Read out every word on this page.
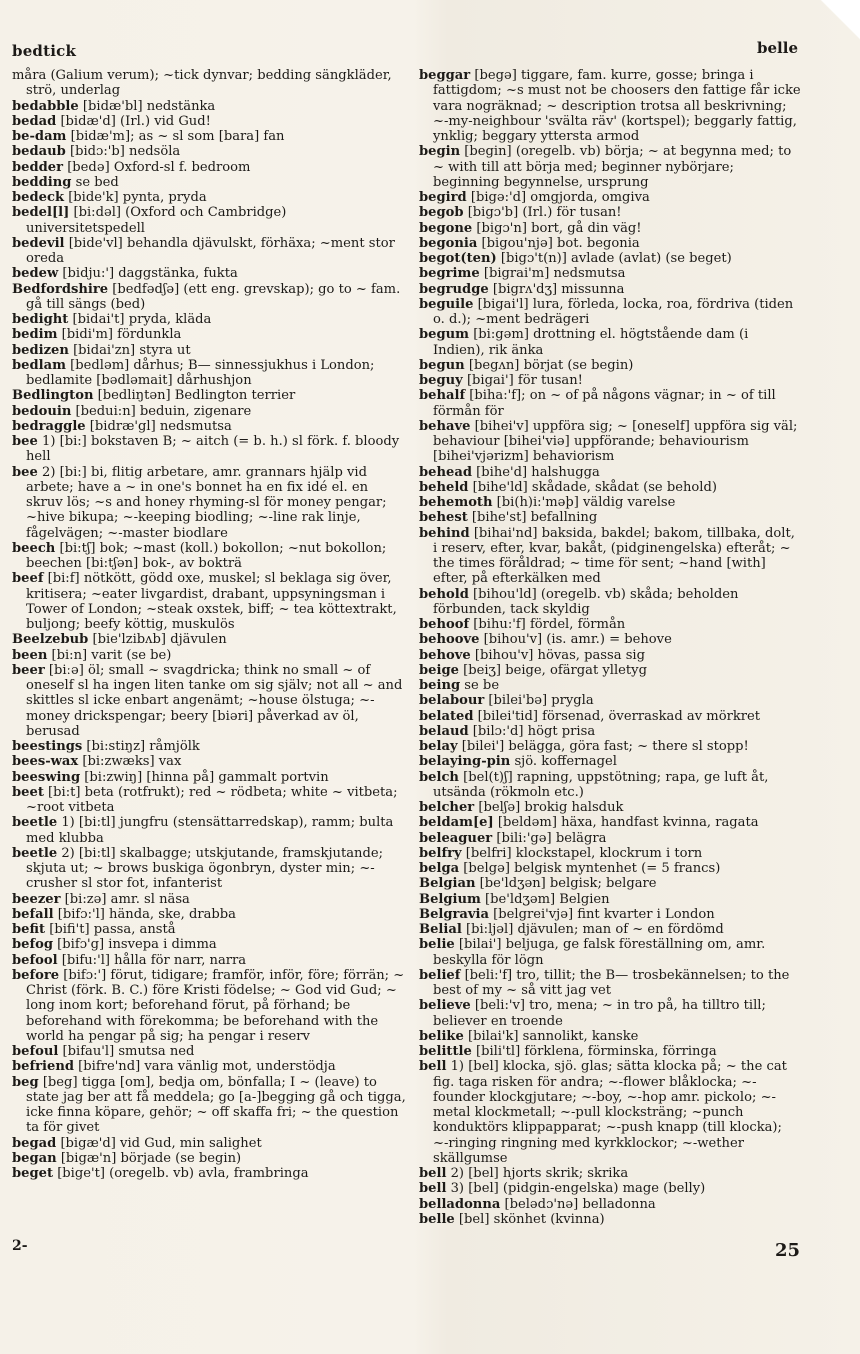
bedtick	belle

måra (Galium verum); ~tick dynvar; bedding sängkläder, strö, underlag

bedabble [bidæ'bl] nedstänka

bedad [bidæ'd] (Irl.) vid Gud!

be-dam [bidæ'm]; as ~ sl som [bara] fan

bedaub [bidɔ:'b] nedsöla

bedder [bedə] Oxford-sl f. bedroom

bedding se bed

bedeck [bide'k] pynta, pryda

bedel[l] [bi:dəl] (Oxford och Cambridge) universitetspedell

bedevil [bide'vl] behandla djävulskt, förhäxa; ~ment stor oreda

bedew [bidju:'] daggstänka, fukta

Bedfordshire [bedfədʃə] (ett eng. grevskap); go to ~ fam. gå till sängs (bed)

bedight [bidai't] pryda, kläda

bedim [bidi'm] fördunkla

bedizen [bidai'zn] styra ut

bedlam [bedləm] dårhus; B— sinnessjukhus i London; bedlamite [bədləmait] dårhushjon

Bedlington [bedliŋtən] Bedlington terrier

bedouin [bedui:n] beduin, zigenare

bedraggle [bidræ'gl] nedsmutsa

bee 1) [bi:] bokstaven B; ~ aitch (= b. h.) sl förk. f. bloody hell

bee 2) [bi:] bi, flitig arbetare, amr. grannars hjälp vid arbete; have a ~ in one's bonnet ha en fix idé el. en skruv lös; ~s and honey rhyming-sl för money pengar; ~hive bikupa; ~-keeping biodling; ~-line rak linje, fågelvägen; ~-master biodlare

beech [bi:tʃ] bok; ~mast (koll.) bokollon; ~nut bokollon; beechen [bi:tʃən] bok-, av bokträ

beef [bi:f] nötkött, gödd oxe, muskel; sl beklaga sig över, kritisera; ~eater livgardist, drabant, uppsyningsman i Tower of London; ~steak oxstek, biff; ~ tea köttextrakt, buljong; beefy köttig, muskulös

Beelzebub [bie'lzibʌb] djävulen

been [bi:n] varit (se be)

beer [biːə] öl; small ~ svagdricka; think no small ~ of oneself sl ha ingen liten tanke om sig själv; not all ~ and skittles sl icke enbart angenämt; ~house ölstuga; ~-money drickspengar; beery [biəri] påverkad av öl, berusad

beestings [bi:stiŋz] råmjölk

bees-wax [bi:zwæks] vax

beeswing [bi:zwiŋ] [hinna på] gammalt portvin

beet [bi:t] beta (rotfrukt); red ~ rödbeta; white ~ vitbeta; ~root vitbeta

beetle 1) [bi:tl] jungfru (stensättarredskap), ramm; bulta med klubba

beetle 2) [bi:tl] skalbagge; utskjutande, framskjutande; skjuta ut; ~ brows buskiga ögonbryn, dyster min; ~-crusher sl stor fot, infanterist

beezer [bi:zə] amr. sl näsa

befall [bifɔ:'l] hända, ske, drabba

befit [bifi't] passa, anstå

befog [bifɔ'g] insvepa i dimma

befool [bifu:'l] hålla för narr, narra

before [bifɔ:'] förut, tidigare; framför, inför, före; förrän; ~ Christ (förk. B. C.) före Kristi födelse; ~ God vid Gud; ~ long inom kort; beforehand förut, på förhand; be beforehand with förekomma; be beforehand with the world ha pengar på sig; ha pengar i reserv

befoul [bifau'l] smutsa ned

befriend [bifre'nd] vara vänlig mot, understödja

beg [beg] tigga [om], bedja om, bönfalla; I ~ (leave) to state jag ber att få meddela; go [a-]begging gå och tigga, icke finna köpare, gehör; ~ off skaffa fri; ~ the question ta för givet

begad [bigæ'd] vid Gud, min salighet

began [bigæ'n] började (se begin)

beget [bige't] (oregelb. vb) avla, frambringa

beggar [begə] tiggare, fam. kurre, gosse; bringa i fattigdom; ~s must not be choosers den fattige får icke vara nogräknad; ~ description trotsa all beskrivning; ~-my-neighbour 'svälta räv' (kortspel); beggarly fattig, ynklig; beggary yttersta armod

begin [begin] (oregelb. vb) börja; ~ at begynna med; to ~ with till att börja med; beginner nybörjare; beginning begynnelse, ursprung

begird [bigə:'d] omgjorda, omgiva

begob [bigɔ'b] (Irl.) för tusan!

begone [bigɔ'n] bort, gå din väg!

begonia [bigou'njə] bot. begonia

begot(ten) [bigɔ't(n)] avlade (avlat) (se beget)

begrime [bigrai'm] nedsmutsa

begrudge [bigrʌ'dʒ] missunna

beguile [bigai'l] lura, förleda, locka, roa, fördriva (tiden o. d.); ~ment bedrägeri

begum [bi:gəm] drottning el. högtstående dam (i Indien), rik änka

begun [begʌn] börjat (se begin)

beguy [bigai'] för tusan!

behalf [biha:'f]; on ~ of på någons vägnar; in ~ of till förmån för

behave [bihei'v] uppföra sig; ~ [oneself] uppföra sig väl; behaviour [bihei'viə] uppförande; behaviourism [bihei'vjərizm] behaviorism

behead [bihe'd] halshugga

beheld [bihe'ld] skådade, skådat (se behold)

behemoth [bi(h)i:'məþ] väldig varelse

behest [bihe'st] befallning

behind [bihai'nd] baksida, bakdel; bakom, tillbaka, dolt, i reserv, efter, kvar, bakåt, (pidginengelska) efteråt; ~ the times föråldrad; ~ time för sent; ~hand [with] efter, på efterkälken med

behold [bihou'ld] (oregelb. vb) skåda; beholden förbunden, tack skyldig

behoof [bihu:'f] fördel, förmån

behoove [bihou'v] (is. amr.) = behove

behove [bihou'v] hövas, passa sig

beige [beiʒ] beige, ofärgat ylletyg

being se be

belabour [bilei'bə] prygla

belated [bilei'tid] försenad, överraskad av mörkret

belaud [bilɔ:'d] högt prisa

belay [bilei'] belägga, göra fast; ~ there sl stopp!

belaying-pin sjö. koffernagel

belch [bel(t)ʃ] rapning, uppstötning; rapa, ge luft åt, utsända (rökmoln etc.)

belcher [belʃə] brokig halsduk

beldam[e] [beldəm] häxa, handfast kvinna, ragata

beleaguer [bili:'gə] belägra

belfry [belfri] klockstapel, klockrum i torn

belga [belgə] belgisk myntenhet (= 5 francs)

Belgian [be'ldʒən] belgisk; belgare

Belgium [be'ldʒəm] Belgien

Belgravia [belgrei'vjə] fint kvarter i London

Belial [bi:ljəl] djävulen; man of ~ en fördömd

belie [bilai'] beljuga, ge falsk föreställning om, amr. beskylla för lögn

belief [beli:'f] tro, tillit; the B— trosbekännelsen; to the best of my ~ så vitt jag vet

believe [beli:'v] tro, mena; ~ in tro på, ha tilltro till; believer en troende

belike [bilai'k] sannolikt, kanske

belittle [bili'tl] förklena, förminska, förringa

bell 1) [bel] klocka, sjö. glas; sätta klocka på; ~ the cat fig. taga risken för andra; ~-flower blåklocka; ~-founder klockgjutare; ~-boy, ~-hop amr. pickolo; ~-metal klockmetall; ~-pull klocksträng; ~punch konduktörs klippapparat; ~-push knapp (till klocka); ~-ringing ringning med kyrkklockor; ~-wether skällgumse

bell 2) [bel] hjorts skrik; skrika

bell 3) [bel] (pidgin-engelska) mage (belly)

belladonna [belədɔ'nə] belladonna

belle [bel] skönhet (kvinna)

2-	25
